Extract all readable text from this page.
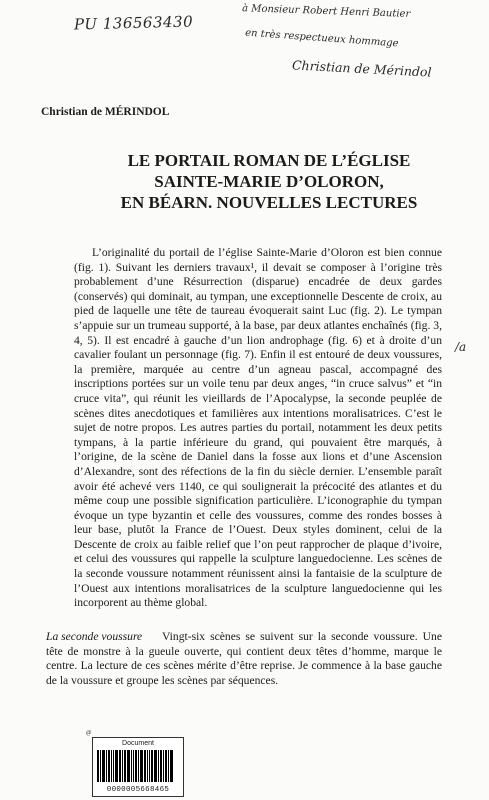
PU 136563430
à Monsieur Robert Henri Bautier
en très respectueux hommage
Christian de Mérindol
Christian de MÉRINDOL
LE PORTAIL ROMAN DE L’ÉGLISE
SAINTE-MARIE D’OLORON,
EN BÉARN. NOUVELLES LECTURES

L’originalité du portail de l’église Sainte-Marie d’Oloron est bien connue (fig. 1). Suivant les derniers travaux¹, il devait se composer à l’origine très probablement d’une Résurrection (disparue) encadrée de deux gardes (conservés) qui dominait, au tympan, une exceptionnelle Descente de croix, au pied de laquelle une tête de taureau évoquerait saint Luc (fig. 2). Le tympan s’appuie sur un trumeau supporté, à la base, par deux atlantes enchaînés (fig. 3, 4, 5). Il est encadré à gauche d’un lion androphage (fig. 6) et à droite d’un cavalier foulant un personnage (fig. 7). Enfin il est entouré de deux voussures, la première, marquée au centre d’un agneau pascal, accompagné des inscriptions portées sur un voile tenu par deux anges, “in cruce salvus” et “in cruce vita”, qui réunit les vieillards de l’Apocalypse, la seconde peuplée de scènes dites anecdotiques et familières aux intentions moralisatrices. C’est le sujet de notre propos. Les autres parties du portail, notamment les deux petits tympans, à la partie inférieure du grand, qui pouvaient être marqués, à l’origine, de la scène de Daniel dans la fosse aux lions et d’une Ascension d’Alexandre, sont des réfections de la fin du siècle dernier. L’ensemble paraît avoir été achevé vers 1140, ce qui soulignerait la précocité des atlantes et du même coup une possible signification particulière. L’iconographie du tympan évoque un type byzantin et celle des voussures, comme des rondes bosses à leur base, plutôt la France de l’Ouest. Deux styles dominent, celui de la Descente de croix au faible relief que l’on peut rapprocher de plaque d’ivoire, et celui des voussures qui rappelle la sculpture languedocienne. Les scènes de la seconde voussure notamment réunissent ainsi la fantaisie de la sculpture de l’Ouest aux intentions moralisatrices de la sculpture languedocienne qui les incorporent au thème global.

/a
La seconde voussure	Vingt-six scènes se suivent sur la seconde voussure. Une tête de monstre à la gueule ouverte, qui contient deux têtes d’homme, marque le centre. La lecture de ces scènes mérite d’être reprise. Je commence à la base gauche de la voussure et groupe les scènes par séquences.

@
Document
0000005668465
